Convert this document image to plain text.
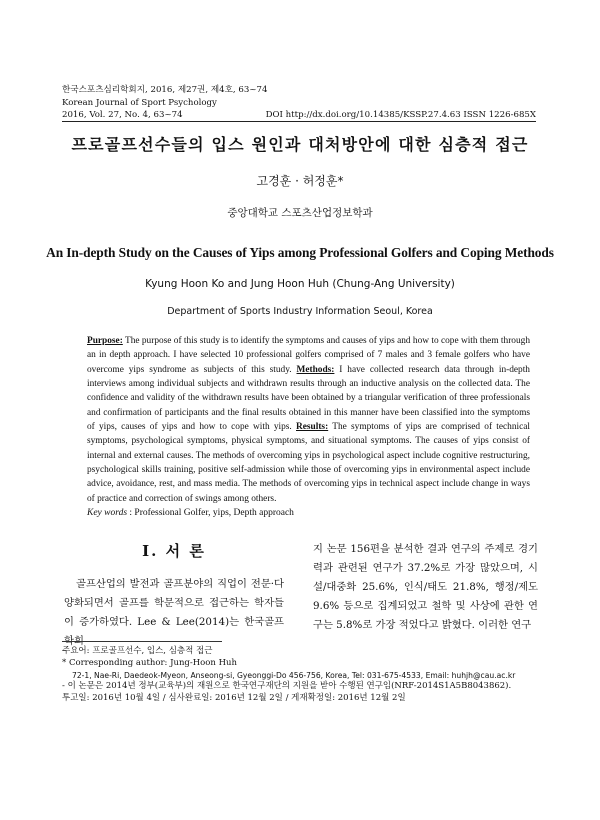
한국스포츠심리학회지, 2016, 제27권, 제4호, 63~74
Korean Journal of Sport Psychology
2016, Vol. 27, No. 4, 63~74	DOI http://dx.doi.org/10.14385/KSSP.27.4.63 ISSN 1226-685X
프로골프선수들의 입스 원인과 대처방안에 대한 심층적 접근
고경훈 · 허정훈*
중앙대학교 스포츠산업정보학과
An In-depth Study on the Causes of Yips among Professional Golfers and Coping Methods
Kyung Hoon Ko and Jung Hoon Huh (Chung-Ang University)
Department of Sports Industry Information Seoul, Korea
Purpose: The purpose of this study is to identify the symptoms and causes of yips and how to cope with them through an in depth approach. I have selected 10 professional golfers comprised of 7 males and 3 female golfers who have overcome yips syndrome as subjects of this study. Methods: I have collected research data through in-depth interviews among individual subjects and withdrawn results through an inductive analysis on the collected data. The confidence and validity of the withdrawn results have been obtained by a triangular verification of three professionals and confirmation of participants and the final results obtained in this manner have been classified into the symptoms of yips, causes of yips and how to cope with yips. Results: The symptoms of yips are comprised of technical symptoms, psychological symptoms, physical symptoms, and situational symptoms. The causes of yips consist of internal and external causes. The methods of overcoming yips in psychological aspect include cognitive restructuring, psychological skills training, positive self-admission while those of overcoming yips in environmental aspect include advice, avoidance, rest, and mass media. The methods of overcoming yips in technical aspect include change in ways of practice and correction of swings among others.
Key words : Professional Golfer, yips, Depth approach
I. 서 론

골프산업의 발전과 골프분야의 직업이 전문·다양화되면서 골프를 학문적으로 접근하는 학자들이 증가하였다. Lee & Lee(2014)는 한국골프학회

지 논문 156편을 분석한 결과 연구의 주제로 경기력과 관련된 연구가 37.2%로 가장 많았으며, 시설/대중화 25.6%, 인식/태도 21.8%, 행정/제도 9.6% 등으로 집계되었고 철학 및 사상에 관한 연구는 5.8%로 가장 적었다고 밝혔다. 이러한 연구

주요어: 프로골프선수, 입스, 심층적 접근
* Corresponding author: Jung-Hoon Huh
72-1, Nae-Ri, Daedeok-Myeon, Anseong-si, Gyeonggi-Do 456-756, Korea, Tel: 031-675-4533, Email: huhjh@cau.ac.kr
- 이 논문은 2014년 정부(교육부)의 재원으로 한국연구재단의 지원을 받아 수행된 연구임(NRF-2014S1A5B8043862).
투고일: 2016년 10월 4일 / 심사완료일: 2016년 12월 2일 / 게재확정일: 2016년 12월 2일
